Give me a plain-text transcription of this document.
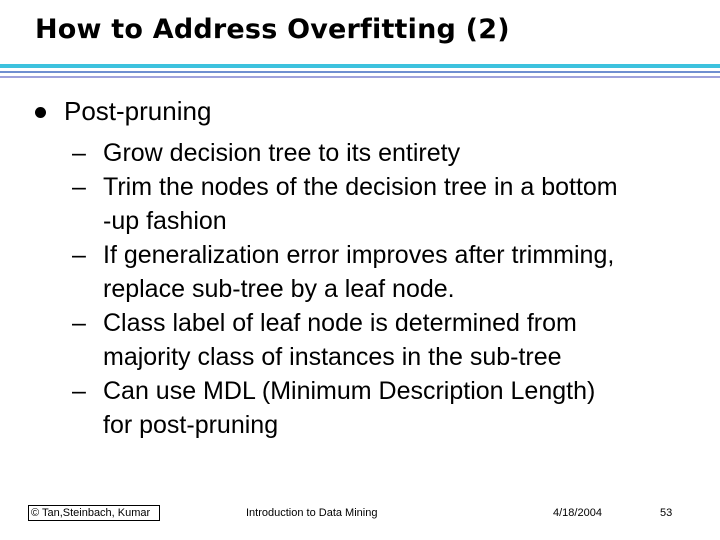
How to Address Overfitting (2)
Post-pruning
– Grow decision tree to its entirety
– Trim the nodes of the decision tree in a bottom
-up fashion
– If generalization error improves after trimming,
replace sub-tree by a leaf node.
– Class label of leaf node is determined from
majority class of instances in the sub-tree
– Can use MDL (Minimum Description Length)
for post-pruning
© Tan,Steinbach, Kumar	Introduction to Data Mining	4/18/2004	53
